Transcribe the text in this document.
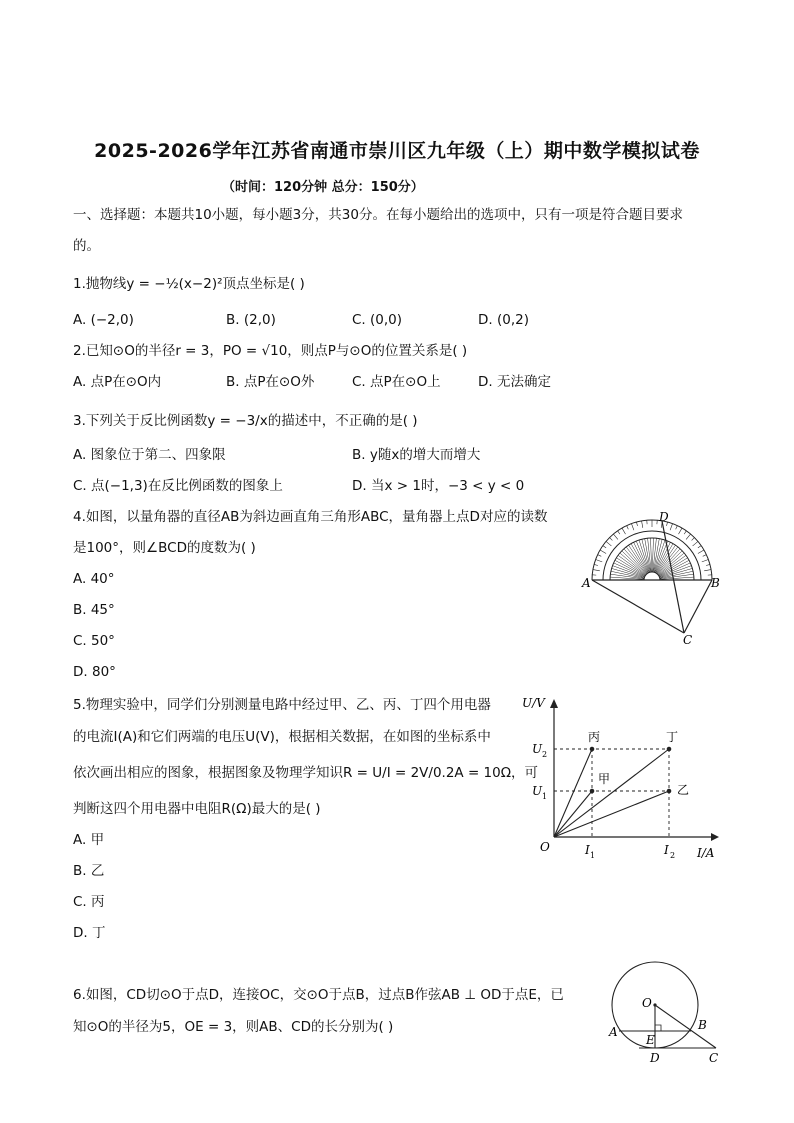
2025-2026学年江苏省南通市崇川区九年级（上）期中数学模拟试卷
（时间：120分钟 总分：150分）
一、选择题：本题共10小题，每小题3分，共30分。在每小题给出的选项中，只有一项是符合题目要求
的。
1.抛物线y = −½(x−2)²顶点坐标是( )
A. (−2,0)	B. (2,0)	C. (0,0)	D. (0,2)
2.已知⊙O的半径r = 3，PO = √10，则点P与⊙O的位置关系是( )
A. 点P在⊙O内	B. 点P在⊙O外	C. 点P在⊙O上	D. 无法确定
3.下列关于反比例函数y = −3/x的描述中，不正确的是( )
A. 图象位于第二、四象限	B. y随x的增大而增大
C. 点(−1,3)在反比例函数的图象上	D. 当x > 1时，−3 < y < 0
4.如图，以量角器的直径AB为斜边画直角三角形ABC，量角器上点D对应的读数
是100°，则∠BCD的度数为( )
A. 40°
B. 45°
C. 50°
D. 80°
D
A	B
C
5.物理实验中，同学们分别测量电路中经过甲、乙、丙、丁四个用电器
的电流I(A)和它们两端的电压U(V)，根据相关数据，在如图的坐标系中
依次画出相应的图象，根据图象及物理学知识R = U/I = 2V/0.2A = 10Ω，可
判断这四个用电器中电阻R(Ω)最大的是( )
A. 甲
B. 乙
C. 丙
D. 丁
U/V
I/A
O
U 2
U 1
I 1	I 2
丙	丁
甲
乙
6.如图，CD切⊙O于点D，连接OC，交⊙O于点B，过点B作弦AB ⊥ OD于点E，已
知⊙O的半径为5，OE = 3，则AB、CD的长分别为( )
O
A	B
E
D	C
